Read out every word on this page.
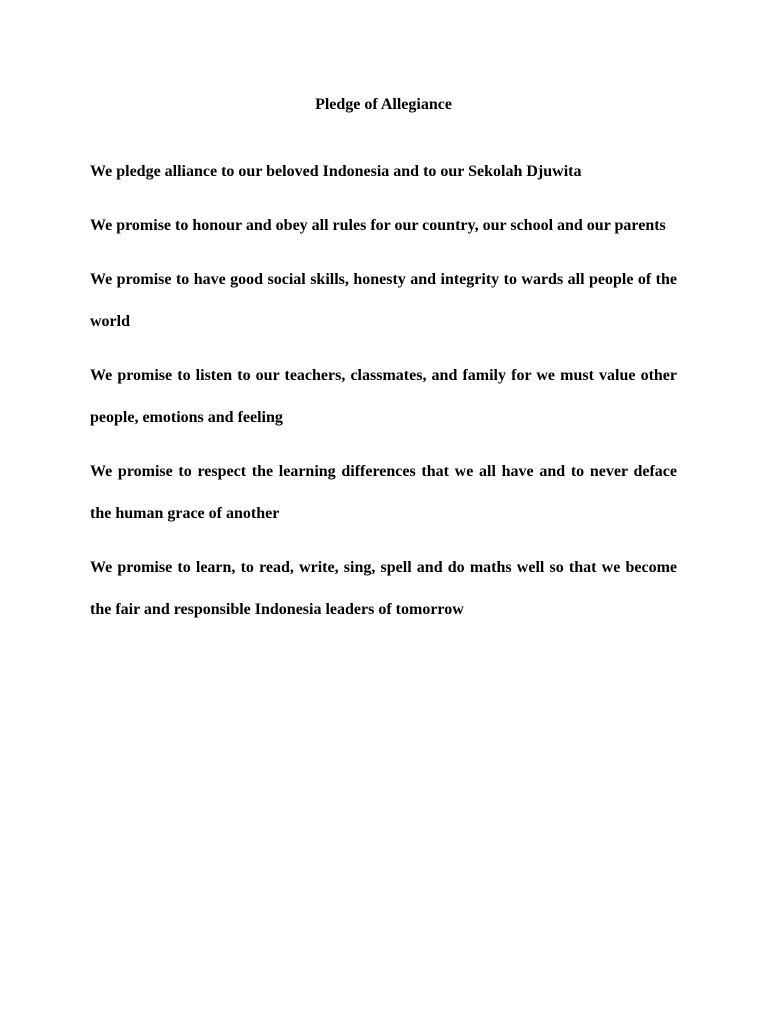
Pledge of Allegiance

We pledge alliance to our beloved Indonesia and to our Sekolah Djuwita

We promise to honour and obey all rules for our country, our school and our parents

We promise to have good social skills, honesty and integrity to wards all people of the world

We promise to listen to our teachers, classmates, and family for we must value other people, emotions and feeling

We promise to respect the learning differences that we all have and to never deface the human grace of another

We promise to learn, to read, write, sing, spell and do maths well so that we become the fair and responsible Indonesia leaders of tomorrow
